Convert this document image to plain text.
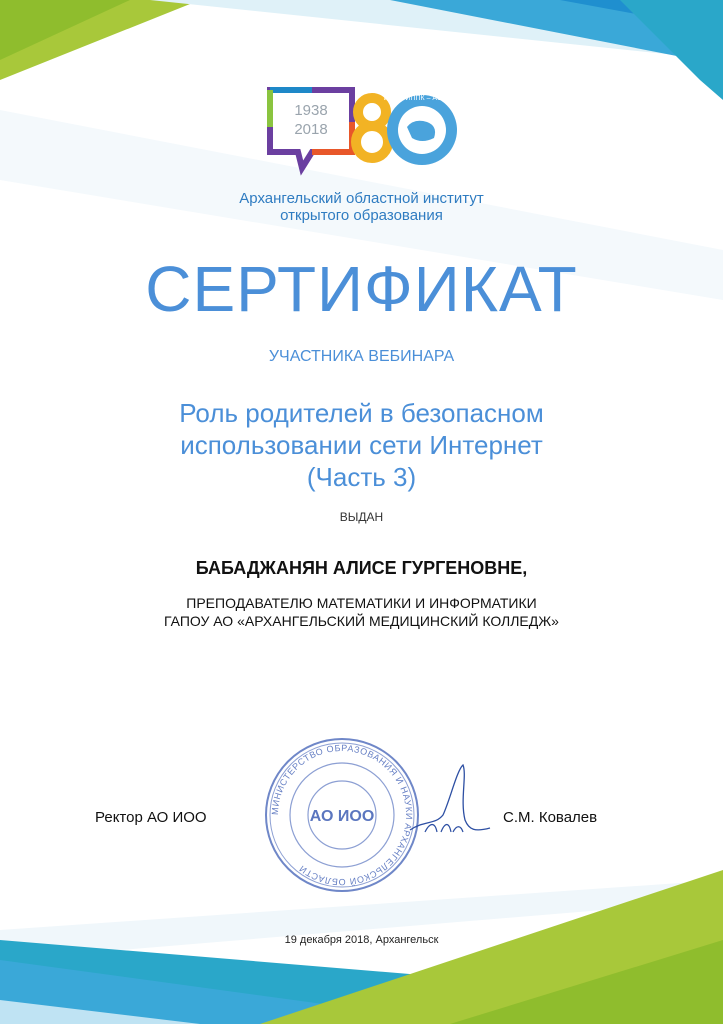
1938
2018
ИУУ – ИППК – АО ИОО
Архангельский областной институт
открытого образования
СЕРТИФИКАТ
УЧАСТНИКА ВЕБИНАРА
Роль родителей в безопасном
использовании сети Интернет
(Часть 3)
ВЫДАН
БАБАДЖАНЯН АЛИСЕ ГУРГЕНОВНЕ,
ПРЕПОДАВАТЕЛЮ МАТЕМАТИКИ И ИНФОРМАТИКИ
ГАПОУ АО «АРХАНГЕЛЬСКИЙ МЕДИЦИНСКИЙ КОЛЛЕДЖ»
Ректор АО ИОО	С.М. Ковалев
МИНИСТЕРСТВО ОБРАЗОВАНИЯ И НАУКИ АРХАНГЕЛЬСКОЙ ОБЛАСТИ
АО ИОО
19 декабря 2018, Архангельск
